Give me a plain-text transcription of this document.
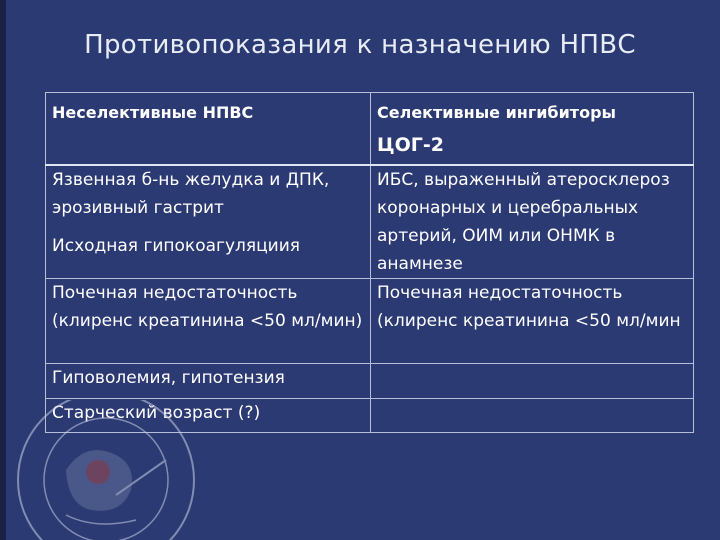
Противопоказания к назначению НПВС
Неселективные НПВС	Селективные ингибиторы
ЦОГ-2

Язвенная б-нь желудка и ДПК, эрозивный гастрит
Исходная гипокоагуляциия	ИБС, выраженный атеросклероз коронарных и церебральных артерий, ОИМ или ОНМК в анамнезе

Почечная недостаточность (клиренс креатинина <50 мл/мин)	Почечная недостаточность (клиренс креатинина <50 мл/мин

Гиповолемия, гипотензия	

Старческий возраст (?)	
